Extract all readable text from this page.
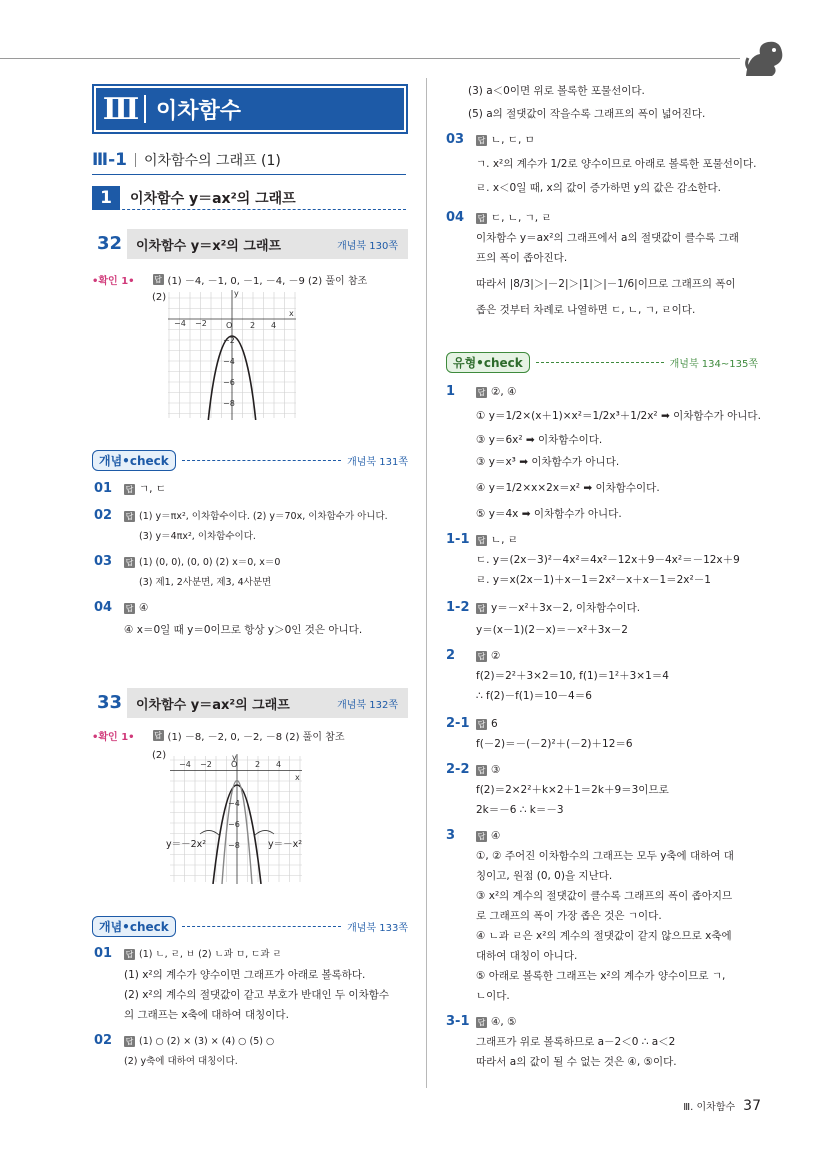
Ⅲ 이차함수
Ⅲ-1 이차함수의 그래프 (1)
1	이차함수 y＝ax²의 그래프
32	이차함수 y＝x²의 그래프	개념북 130쪽
•확인 1• 답 (1) －4, －1, 0, －1, －4, －9 (2) 풀이 참조
(2)
−4 −2 O 2 4
x
y
−2
−4
−6
−8
개념•check	개념북 131쪽
01	답 ㄱ, ㄷ
02	답 (1) y＝πx², 이차함수이다. (2) y＝70x, 이차함수가 아니다.
(3) y＝4πx², 이차함수이다.
03	답 (1) (0, 0), (0, 0) (2) x＝0, x＝0
(3) 제1, 2사분면, 제3, 4사분면
04	답 ④
④ x＝0일 때 y＝0이므로 항상 y＞0인 것은 아니다.
33	이차함수 y＝ax²의 그래프	개념북 132쪽
•확인 1• 답 (1) －8, －2, 0, －2, －8 (2) 풀이 참조
(2)
−4 −2 O 2 4
x
y
−4
−6
−8
y＝－2x²	y＝－x²
개념•check	개념북 133쪽
01	답 (1) ㄴ, ㄹ, ㅂ (2) ㄴ과 ㅁ, ㄷ과 ㄹ
(1) x²의 계수가 양수이면 그래프가 아래로 볼록하다.
(2) x²의 계수의 절댓값이 같고 부호가 반대인 두 이차함수
의 그래프는 x축에 대하여 대칭이다.
02	답 (1) ○ (2) × (3) × (4) ○ (5) ○
(2) y축에 대하여 대칭이다.
(3) a＜0이면 위로 볼록한 포물선이다.
(5) a의 절댓값이 작을수록 그래프의 폭이 넓어진다.
03	답 ㄴ, ㄷ, ㅁ
ㄱ. x²의 계수가 1/2로 양수이므로 아래로 볼록한 포물선이다.
ㄹ. x＜0일 때, x의 값이 증가하면 y의 값은 감소한다.
04	답 ㄷ, ㄴ, ㄱ, ㄹ
이차함수 y＝ax²의 그래프에서 a의 절댓값이 클수록 그래
프의 폭이 좁아진다.
따라서 |8/3|＞|－2|＞|1|＞|－1/6|이므로 그래프의 폭이
좁은 것부터 차례로 나열하면 ㄷ, ㄴ, ㄱ, ㄹ이다.
유형•check	개념북 134~135쪽
1	답 ②, ④
① y＝1/2×(x＋1)×x²＝1/2x³＋1/2x² ➡ 이차함수가 아니다.
③ y＝6x² ➡ 이차함수이다.
③ y＝x³ ➡ 이차함수가 아니다.
④ y＝1/2×x×2x＝x² ➡ 이차함수이다.
⑤ y＝4x ➡ 이차함수가 아니다.
1-1	답 ㄴ, ㄹ
ㄷ. y＝(2x－3)²－4x²＝4x²－12x＋9－4x²＝－12x＋9
ㄹ. y＝x(2x－1)＋x－1＝2x²－x＋x－1＝2x²－1
1-2	답 y＝－x²＋3x－2, 이차함수이다.
y＝(x－1)(2－x)＝－x²＋3x－2
2	답 ②
f(2)＝2²＋3×2＝10, f(1)＝1²＋3×1＝4
∴ f(2)－f(1)＝10－4＝6
2-1	답 6
f(－2)＝－(－2)²＋(－2)＋12＝6
2-2	답 ③
f(2)＝2×2²＋k×2＋1＝2k＋9＝3이므로
2k＝－6 ∴ k＝－3
3	답 ④
①, ② 주어진 이차함수의 그래프는 모두 y축에 대하여 대
칭이고, 원점 (0, 0)을 지난다.
③ x²의 계수의 절댓값이 클수록 그래프의 폭이 좁아지므
로 그래프의 폭이 가장 좁은 것은 ㄱ이다.
④ ㄴ과 ㄹ은 x²의 계수의 절댓값이 같지 않으므로 x축에
대하여 대칭이 아니다.
⑤ 아래로 볼록한 그래프는 x²의 계수가 양수이므로 ㄱ,
ㄴ이다.
3-1	답 ④, ⑤
그래프가 위로 볼록하므로 a－2＜0 ∴ a＜2
따라서 a의 값이 될 수 없는 것은 ④, ⑤이다.
Ⅲ. 이차함수 37
